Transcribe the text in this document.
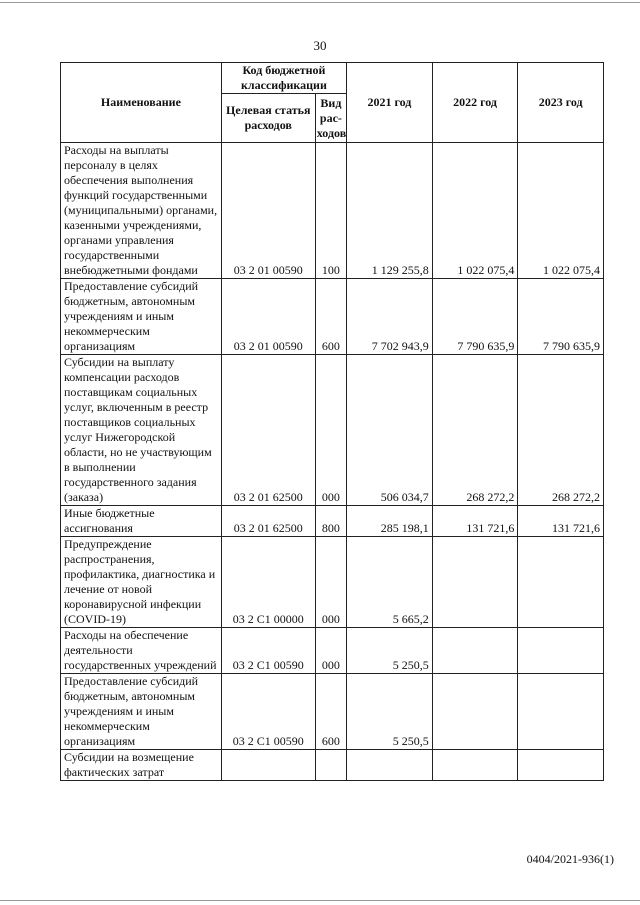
30
Наименование	Код бюджетной классификации		2021 год	2022 год	2023 год
	Целевая статья расходов	Вид рас-ходов			
Расходы на выплаты персоналу в целях обеспечения выполнения функций государственными (муниципальными) органами, казенными учреждениями, органами управления государственными внебюджетными фондами	03 2 01 00590	100	1 129 255,8	1 022 075,4	1 022 075,4
Предоставление субсидий бюджетным, автономным учреждениям и иным некоммерческим организациям	03 2 01 00590	600	7 702 943,9	7 790 635,9	7 790 635,9
Субсидии на выплату компенсации расходов поставщикам социальных услуг, включенным в реестр поставщиков социальных услуг Нижегородской области, но не участвующим в выполнении государственного задания (заказа)	03 2 01 62500	000	506 034,7	268 272,2	268 272,2
Иные бюджетные ассигнования	03 2 01 62500	800	285 198,1	131 721,6	131 721,6
Предупреждение распространения, профилактика, диагностика и лечение от новой коронавирусной инфекции (COVID-19)	03 2 С1 00000	000	5 665,2		
Расходы на обеспечение деятельности государственных учреждений	03 2 С1 00590	000	5 250,5		
Предоставление субсидий бюджетным, автономным учреждениям и иным некоммерческим организациям	03 2 С1 00590	600	5 250,5		
Субсидии на возмещение фактических затрат					
0404/2021-936(1)
